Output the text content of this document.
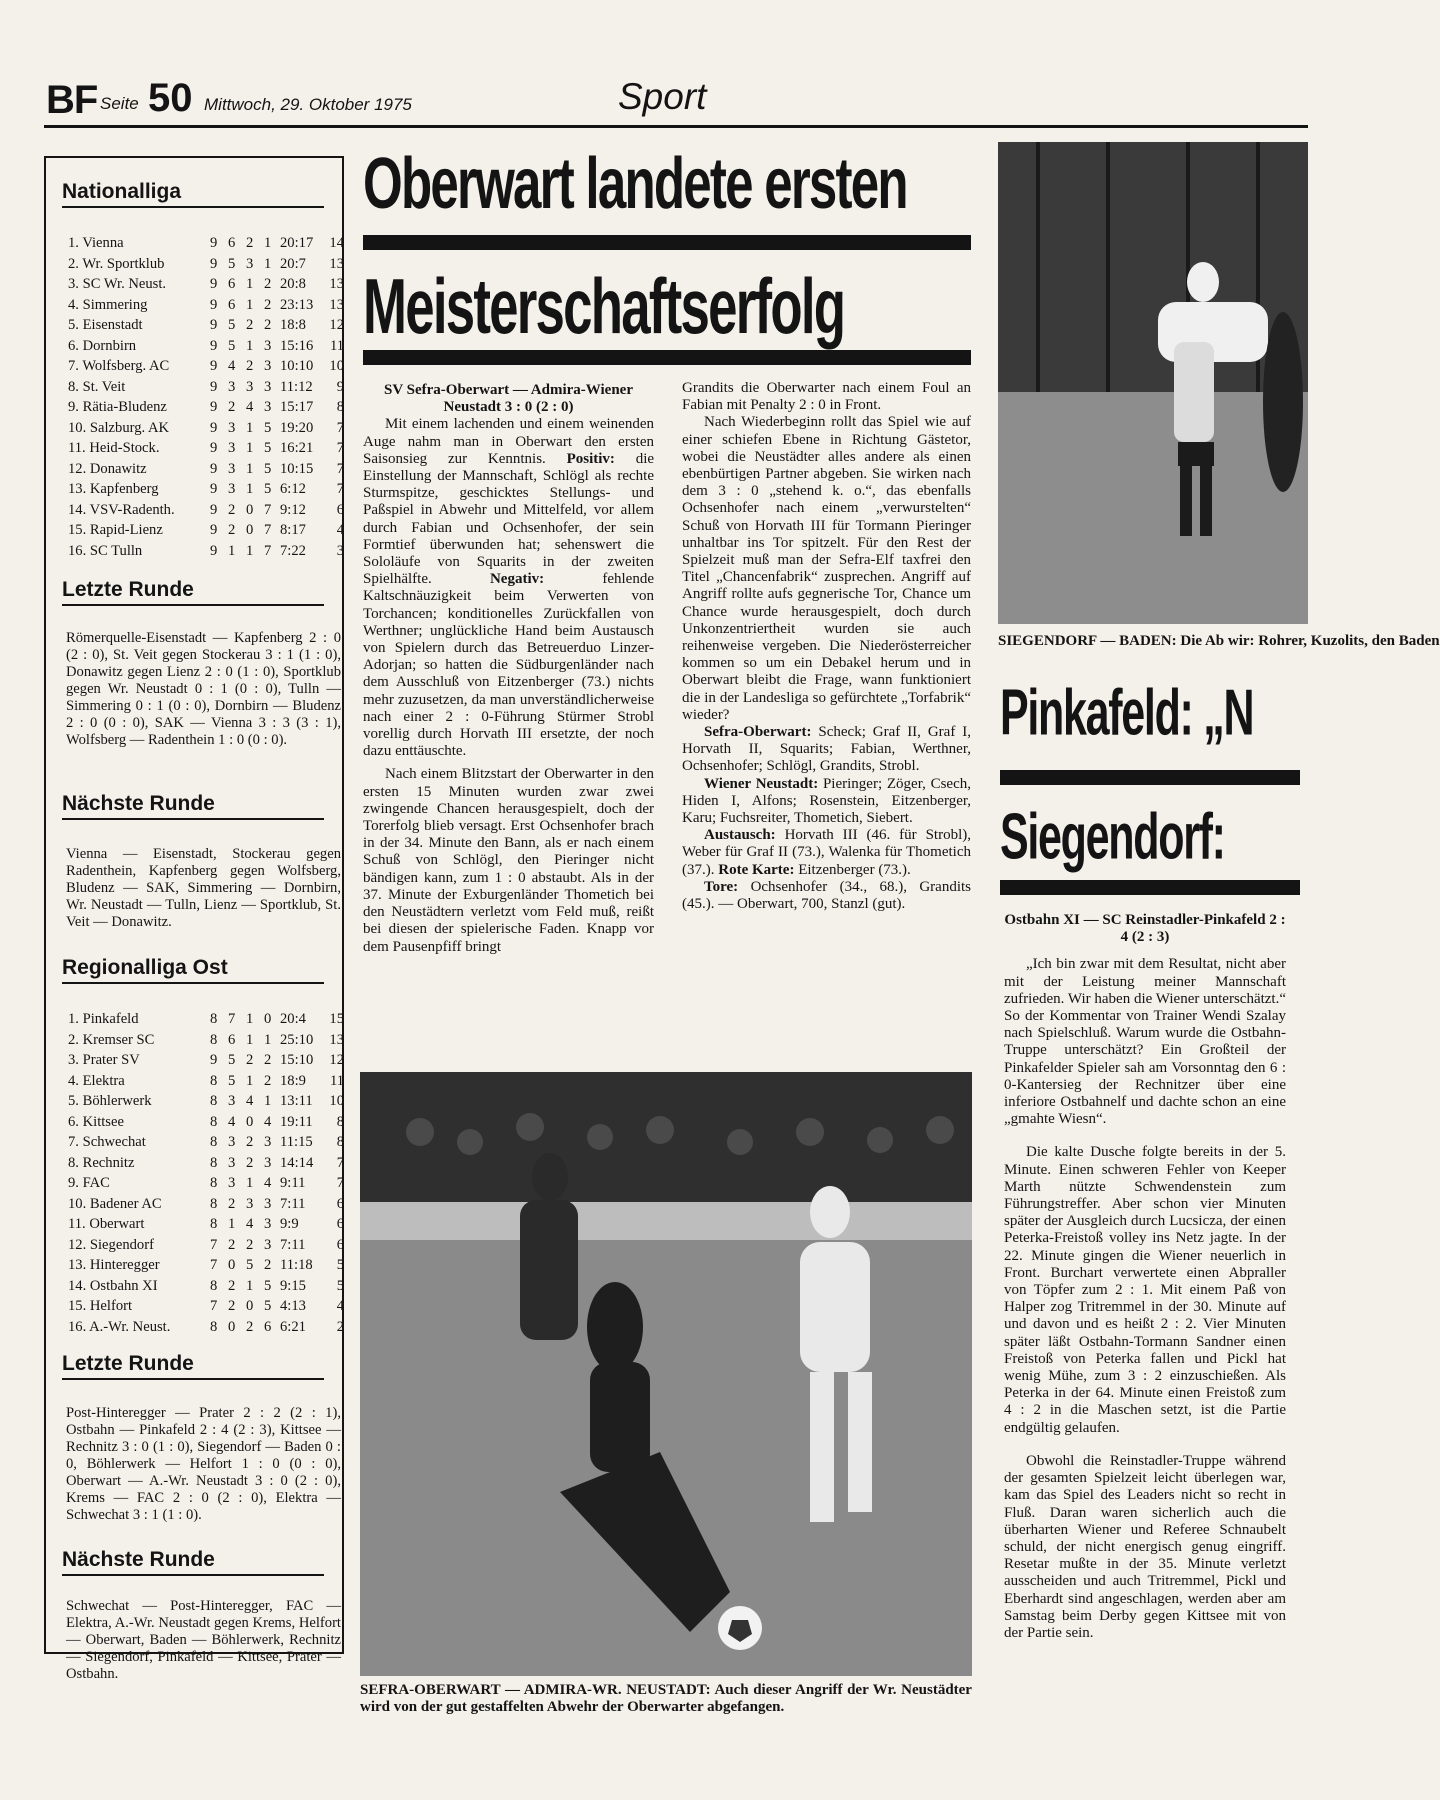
BF Seite 50 Mittwoch, 29. Oktober 1975	Sport
Nationalliga
1. Vienna	9 6 2 1 20:17	14
2. Wr. Sportklub	9 5 3 1 20:7	13
3. SC Wr. Neust.	9 6 1 2 20:8	13
4. Simmering	9 6 1 2 23:13	13
5. Eisenstadt	9 5 2 2 18:8	12
6. Dornbirn	9 5 1 3 15:16	11
7. Wolfsberg. AC	9 4 2 3 10:10	10
8. St. Veit	9 3 3 3 11:12	9
9. Rätia-Bludenz	9 2 4 3 15:17	8
10. Salzburg. AK	9 3 1 5 19:20	7
11. Heid-Stock.	9 3 1 5 16:21	7
12. Donawitz	9 3 1 5 10:15	7
13. Kapfenberg	9 3 1 5 6:12	7
14. VSV-Radenth. 9 2 0 7 9:12	6
15. Rapid-Lienz	9 2 0 7 8:17	4
16. SC Tulln	9 1 1 7 7:22	3
Letzte Runde
Römerquelle-Eisenstadt — Kapfenberg 2 : 0 (2 : 0), St. Veit gegen Stockerau 3 : 1 (1 : 0), Donawitz gegen Lienz 2 : 0 (1 : 0), Sportklub gegen Wr. Neustadt 0 : 1 (0 : 0), Tulln — Simmering 0 : 1 (0 : 0), Dornbirn — Bludenz 2 : 0 (0 : 0), SAK — Vienna 3 : 3 (3 : 1), Wolfsberg — Radenthein 1 : 0 (0 : 0).
Nächste Runde
Vienna — Eisenstadt, Stockerau gegen Radenthein, Kapfenberg gegen Wolfsberg, Bludenz — SAK, Simmering — Dornbirn, Wr. Neustadt — Tulln, Lienz — Sportklub, St. Veit — Donawitz.
Regionalliga Ost
1. Pinkafeld	8 7 1 0 20:4	15
2. Kremser SC	8 6 1 1 25:10	13
3. Prater SV	9 5 2 2 15:10	12
4. Elektra	8 5 1 2 18:9	11
5. Böhlerwerk	8 3 4 1 13:11	10
6. Kittsee	8 4 0 4 19:11	8
7. Schwechat	8 3 2 3 11:15	8
8. Rechnitz	8 3 2 3 14:14	7
9. FAC	8 3 1 4 9:11	7
10. Badener AC	8 2 3 3 7:11	6
11. Oberwart	8 1 4 3 9:9	6
12. Siegendorf	7 2 2 3 7:11	6
13. Hinteregger	7 0 5 2 11:18	5
14. Ostbahn XI	8 2 1 5 9:15	5
15. Helfort	7 2 0 5 4:13	4
16. A.-Wr. Neust.	8 0 2 6 6:21	2
Letzte Runde
Post-Hinteregger — Prater 2 : 2 (2 : 1), Ostbahn — Pinkafeld 2 : 4 (2 : 3), Kittsee — Rechnitz 3 : 0 (1 : 0), Siegendorf — Baden 0 : 0, Böhlerwerk — Helfort 1 : 0 (0 : 0), Oberwart — A.-Wr. Neustadt 3 : 0 (2 : 0), Krems — FAC 2 : 0 (2 : 0), Elektra — Schwechat 3 : 1 (1 : 0).
Nächste Runde
Schwechat — Post-Hinteregger, FAC — Elektra, A.-Wr. Neustadt gegen Krems, Helfort — Oberwart, Baden — Böhlerwerk, Rechnitz — Siegendorf, Pinkafeld — Kittsee, Prater — Ostbahn.
Oberwart landete ersten
Meisterschaftserfolg

SV Sefra-Oberwart — Admira-Wiener Neustadt 3 : 0 (2 : 0)

Mit einem lachenden und einem weinenden Auge nahm man in Oberwart den ersten Saisonsieg zur Kenntnis. Positiv: die Einstellung der Mannschaft, Schlögl als rechte Sturmspitze, geschicktes Stellungs- und Paßspiel in Abwehr und Mittelfeld, vor allem durch Fabian und Ochsenhofer, der sein Formtief überwunden hat; sehenswert die Sololäufe von Squarits in der zweiten Spielhälfte.	Negativ:	fehlende Kaltschnäuzigkeit beim Verwerten von Torchancen; konditionelles Zurückfallen von Werthner; unglückliche Hand beim Austausch von Spielern durch das Betreuerduo Linzer-Adorjan; so hatten die Südburgenländer nach dem Ausschluß von Eitzenberger (73.) nichts mehr zuzusetzen, da man unverständlicherweise nach einer 2 : 0-Führung Stürmer Strobl vorellig durch Horvath III ersetzte, der noch dazu enttäuschte.

Nach einem Blitzstart der Oberwarter in den ersten 15 Minuten wurden zwar zwei zwingende Chancen herausgespielt, doch der Torerfolg blieb versagt. Erst Ochsenhofer brach in der 34. Minute den Bann, als er nach einem Schuß von Schlögl, den Pieringer nicht bändigen kann, zum 1 : 0 abstaubt. Als in der 37. Minute der Exburgenländer Thometich bei den Neustädtern verletzt vom Feld muß, reißt bei diesen der spielerische Faden. Knapp vor dem Pausenpfiff bringt

Grandits die Oberwarter nach einem Foul an Fabian mit Penalty 2 : 0 in Front.

Nach Wiederbeginn rollt das Spiel wie auf einer schiefen Ebene in Richtung Gästetor, wobei die Neustädter alles andere als einen ebenbürtigen Partner abgeben. Sie wirken nach dem 3 : 0 „stehend k. o.“, das ebenfalls Ochsenhofer nach einem „verwurstelten“ Schuß von Horvath III für Tormann Pieringer unhaltbar ins Tor spitzelt. Für den Rest der Spielzeit muß man der Sefra-Elf taxfrei den Titel „Chancenfabrik“ zusprechen. Angriff auf Angriff rollte aufs gegnerische Tor, Chance um Chance wurde herausgespielt, doch durch Unkonzentriertheit wurden sie auch reihenweise vergeben. Die Niederösterreicher kommen so um ein Debakel herum und in Oberwart bleibt die Frage, wann funktioniert die in der Landesliga so gefürchtete „Torfabrik“ wieder?

Sefra-Oberwart: Scheck; Graf II, Graf I, Horvath II, Squarits; Fabian, Werthner, Ochsenhofer; Schlögl, Grandits, Strobl.

Wiener Neustadt: Pieringer; Zöger, Csech, Hiden I, Alfons; Rosenstein, Eitzenberger, Karu; Fuchsreiter, Thometich, Siebert.

Austausch: Horvath III (46. für Strobl), Weber für Graf II (73.), Walenka für Thometich (37.). Rote Karte: Eitzenberger (73.).

Tore: Ochsenhofer (34., 68.), Grandits (45.). — Oberwart, 700, Stanzl (gut).

SEFRA-OBERWART — ADMIRA-WR. NEUSTADT: Auch dieser Angriff der Wr. Neustädter wird von der gut gestaffelten Abwehr der Oberwarter abgefangen.
SIEGENDORF — BADEN: Die Ab wir: Rohrer, Kuzolits, den Baden
Pinkafeld: „N
Siegendorf:

Ostbahn XI — SC Reinstadler-Pinkafeld 2 : 4 (2 : 3)

„Ich bin zwar mit dem Resultat, nicht aber mit der Leistung meiner Mannschaft zufrieden. Wir haben die Wiener unterschätzt.“ So der Kommentar von Trainer Wendi Szalay nach Spielschluß. Warum wurde die Ostbahn-Truppe unterschätzt? Ein Großteil der Pinkafelder Spieler sah am Vorsonntag den 6 : 0-Kantersieg der Rechnitzer über eine inferiore Ostbahnelf und dachte schon an eine „gmahte Wiesn“.

Die kalte Dusche folgte bereits in der 5. Minute. Einen schweren Fehler von Keeper Marth nützte Schwendenstein zum Führungstreffer. Aber schon vier Minuten später der Ausgleich durch Lucsicza, der einen Peterka-Freistoß volley ins Netz jagte. In der 22. Minute gingen die Wiener neuerlich in Front. Burchart verwertete einen Abpraller von Töpfer zum 2 : 1. Mit einem Paß von Halper zog Tritremmel in der 30. Minute auf und davon und es heißt 2 : 2. Vier Minuten später läßt Ostbahn-Tormann Sandner einen Freistoß von Peterka fallen und Pickl hat wenig Mühe, zum 3 : 2 einzuschießen. Als Peterka in der 64. Minute einen Freistoß zum 4 : 2 in die Maschen setzt, ist die Partie endgültig gelaufen.

Obwohl die Reinstadler-Truppe während der gesamten Spielzeit leicht überlegen war, kam das Spiel des Leaders nicht so recht in Fluß. Daran waren sicherlich auch die überharten Wiener und Referee Schnaubelt schuld, der nicht energisch genug eingriff. Resetar mußte in der 35. Minute verletzt ausscheiden und auch Tritremmel, Pickl und Eberhardt sind angeschlagen, werden aber am Samstag beim Derby gegen Kittsee mit von der Partie sein.
